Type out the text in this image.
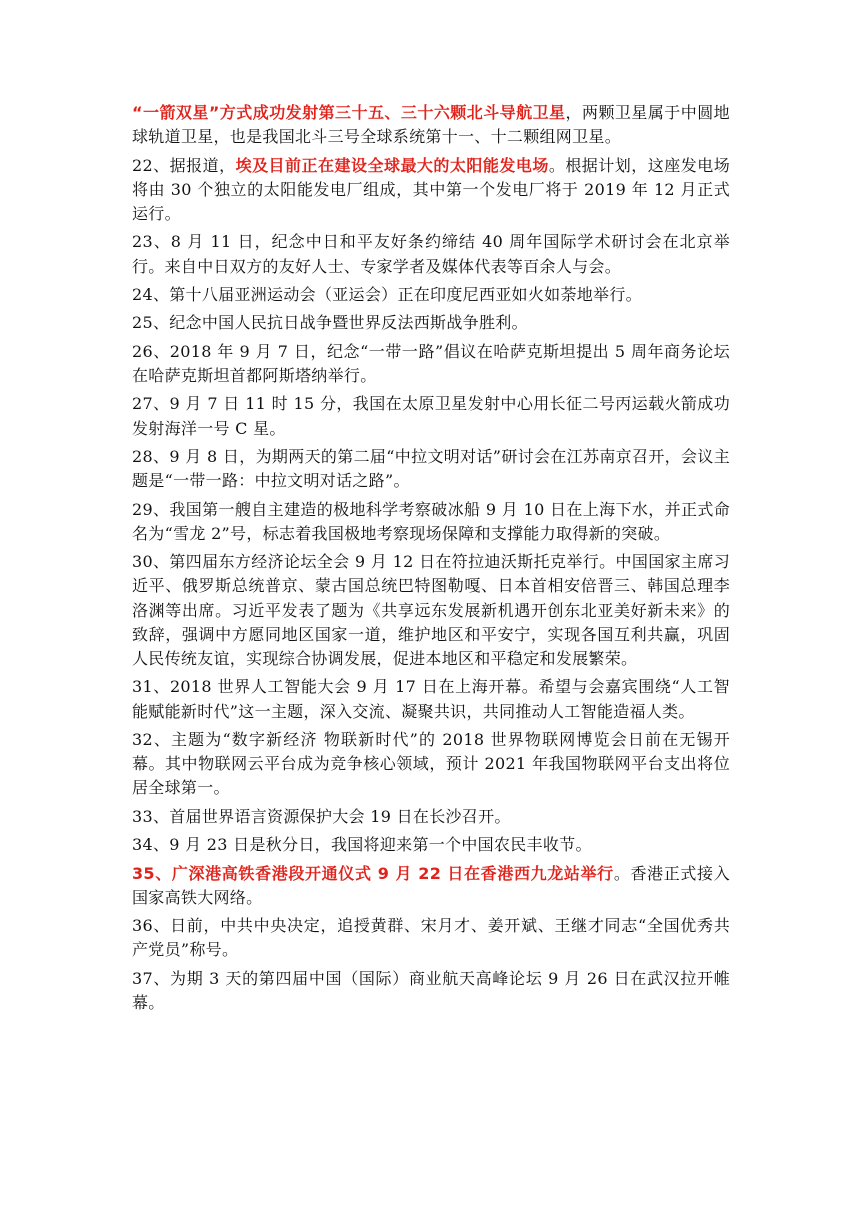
“一箭双星”方式成功发射第三十五、三十六颗北斗导航卫星，两颗卫星属于中圆地球轨道卫星，也是我国北斗三号全球系统第十一、十二颗组网卫星。

22、据报道，埃及目前正在建设全球最大的太阳能发电场。根据计划，这座发电场将由 30 个独立的太阳能发电厂组成，其中第一个发电厂将于 2019 年 12 月正式运行。

23、8 月 11 日，纪念中日和平友好条约缔结 40 周年国际学术研讨会在北京举行。来自中日双方的友好人士、专家学者及媒体代表等百余人与会。

24、第十八届亚洲运动会（亚运会）正在印度尼西亚如火如荼地举行。

25、纪念中国人民抗日战争暨世界反法西斯战争胜利。

26、2018 年 9 月 7 日，纪念“一带一路”倡议在哈萨克斯坦提出 5 周年商务论坛在哈萨克斯坦首都阿斯塔纳举行。

27、9 月 7 日 11 时 15 分，我国在太原卫星发射中心用长征二号丙运载火箭成功发射海洋一号 C 星。

28、9 月 8 日，为期两天的第二届“中拉文明对话”研讨会在江苏南京召开，会议主题是“一带一路：中拉文明对话之路”。

29、我国第一艘自主建造的极地科学考察破冰船 9 月 10 日在上海下水，并正式命名为“雪龙 2”号，标志着我国极地考察现场保障和支撑能力取得新的突破。

30、第四届东方经济论坛全会 9 月 12 日在符拉迪沃斯托克举行。中国国家主席习近平、俄罗斯总统普京、蒙古国总统巴特图勒嘎、日本首相安倍晋三、韩国总理李洛渊等出席。习近平发表了题为《共享远东发展新机遇开创东北亚美好新未来》的致辞，强调中方愿同地区国家一道，维护地区和平安宁，实现各国互利共赢，巩固人民传统友谊，实现综合协调发展，促进本地区和平稳定和发展繁荣。

31、2018 世界人工智能大会 9 月 17 日在上海开幕。希望与会嘉宾围绕“人工智能赋能新时代”这一主题，深入交流、凝聚共识，共同推动人工智能造福人类。

32、主题为“数字新经济 物联新时代”的 2018 世界物联网博览会日前在无锡开幕。其中物联网云平台成为竞争核心领域，预计 2021 年我国物联网平台支出将位居全球第一。

33、首届世界语言资源保护大会 19 日在长沙召开。

34、9 月 23 日是秋分日，我国将迎来第一个中国农民丰收节。

35、广深港高铁香港段开通仪式 9 月 22 日在香港西九龙站举行。香港正式接入国家高铁大网络。

36、日前，中共中央决定，追授黄群、宋月才、姜开斌、王继才同志“全国优秀共产党员”称号。

37、为期 3 天的第四届中国（国际）商业航天高峰论坛 9 月 26 日在武汉拉开帷幕。
